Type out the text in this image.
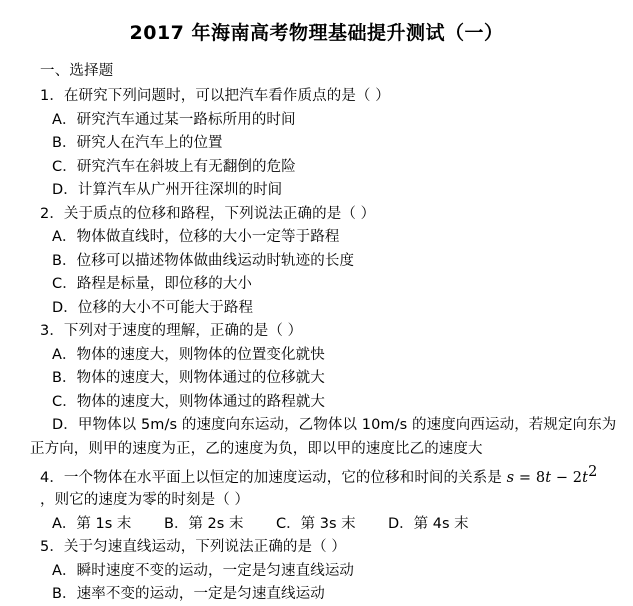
2017 年海南高考物理基础提升测试（一）
一、选择题
1．在研究下列问题时，可以把汽车看作质点的是（ ）
A．研究汽车通过某一路标所用的时间
B．研究人在汽车上的位置
C．研究汽车在斜坡上有无翻倒的危险
D．计算汽车从广州开往深圳的时间
2．关于质点的位移和路程，下列说法正确的是（ ）
A．物体做直线时，位移的大小一定等于路程
B．位移可以描述物体做曲线运动时轨迹的长度
C．路程是标量，即位移的大小
D．位移的大小不可能大于路程
3．下列对于速度的理解，正确的是（ ）
A．物体的速度大，则物体的位置变化就快
B．物体的速度大，则物体通过的位移就大
C．物体的速度大，则物体通过的路程就大
D．甲物体以 5m/s 的速度向东运动，乙物体以 10m/s 的速度向西运动，若规定向东为
正方向，则甲的速度为正，乙的速度为负，即以甲的速度比乙的速度大
4．一个物体在水平面上以恒定的加速度运动，它的位移和时间的关系是 $s = 8t - 2t^2$ ，则它的速度为零的时刻是（ ）
A．第 1s 末	B．第 2s 末	C．第 3s 末	D．第 4s 末
5．关于匀速直线运动，下列说法正确的是（ ）
A．瞬时速度不变的运动，一定是匀速直线运动
B．速率不变的运动，一定是匀速直线运动
